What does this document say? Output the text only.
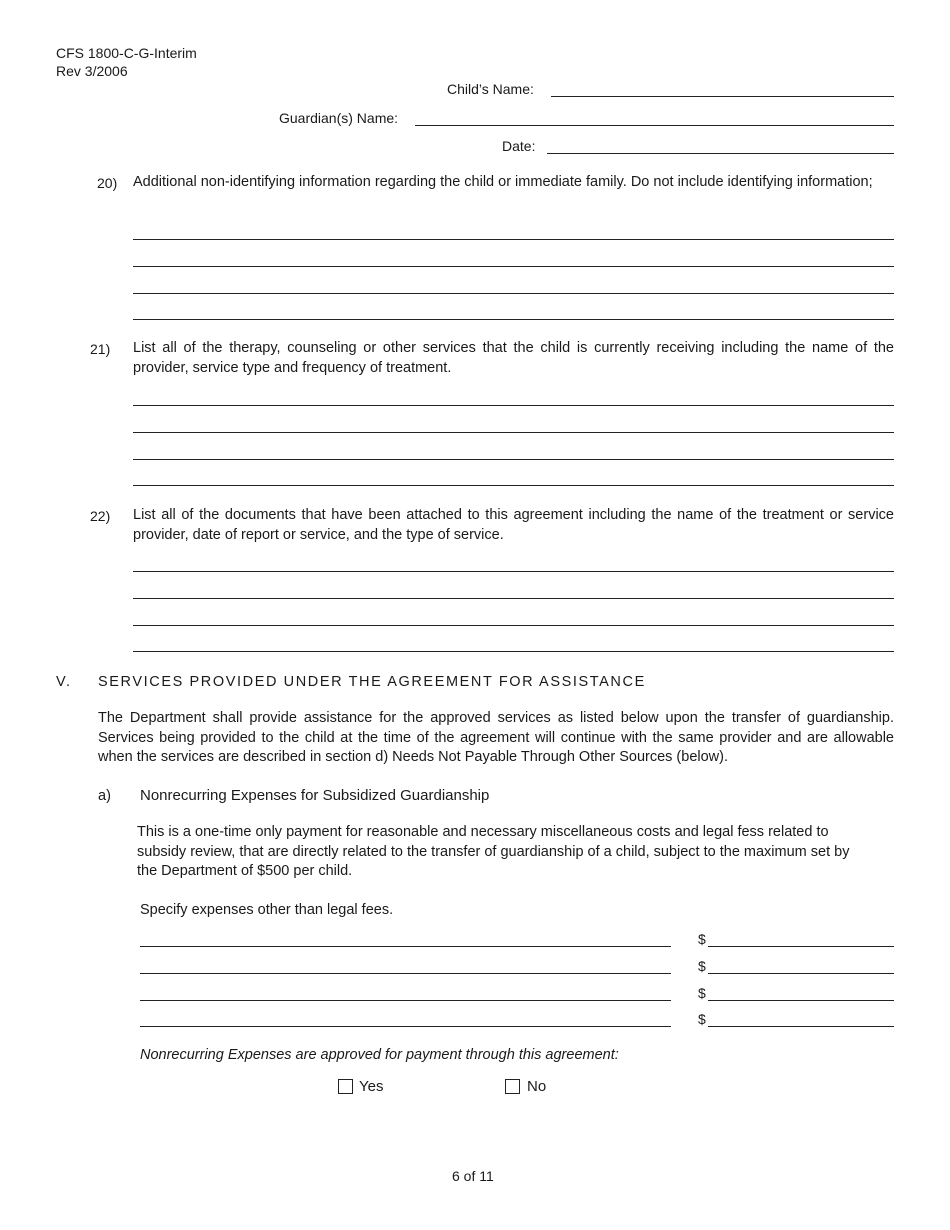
CFS 1800-C-G-Interim
Rev 3/2006
Child’s Name:
Guardian(s) Name:
Date:
20) Additional non-identifying information regarding the child or immediate family. Do not include identifying information;
21) List all of the therapy, counseling or other services that the child is currently receiving including the name of the provider, service type and frequency of treatment.
22) List all of the documents that have been attached to this agreement including the name of the treatment or service provider, date of report or service, and the type of service.
V. SERVICES PROVIDED UNDER THE AGREEMENT FOR ASSISTANCE
The Department shall provide assistance for the approved services as listed below upon the transfer of guardianship. Services being provided to the child at the time of the agreement will continue with the same provider and are allowable when the services are described in section d) Needs Not Payable Through Other Sources (below).
a) Nonrecurring Expenses for Subsidized Guardianship
This is a one-time only payment for reasonable and necessary miscellaneous costs and legal fess related to subsidy review, that are directly related to the transfer of guardianship of a child, subject to the maximum set by the Department of $500 per child.
Specify expenses other than legal fees.
$
$
$
$
Nonrecurring Expenses are approved for payment through this agreement:
Yes	No
6 of 11
